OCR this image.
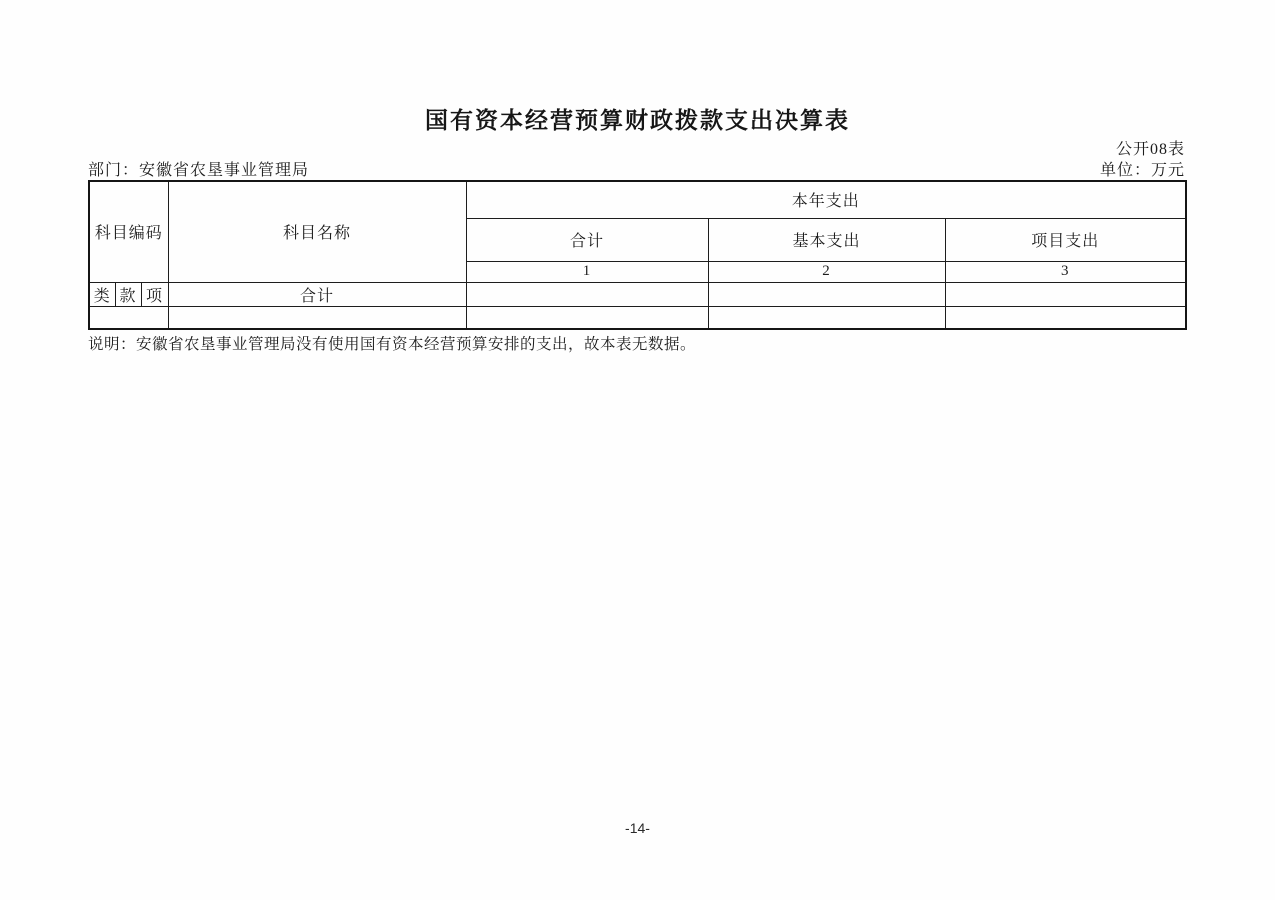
国有资本经营预算财政拨款支出决算表
公开08表
部门：安徽省农垦事业管理局	单位：万元
科目编码			科目名称	本年支出		
				合计	基本支出	项目支出
				1	2	3
类	款	项	合计			

说明：安徽省农垦事业管理局没有使用国有资本经营预算安排的支出，故本表无数据。
-14-
